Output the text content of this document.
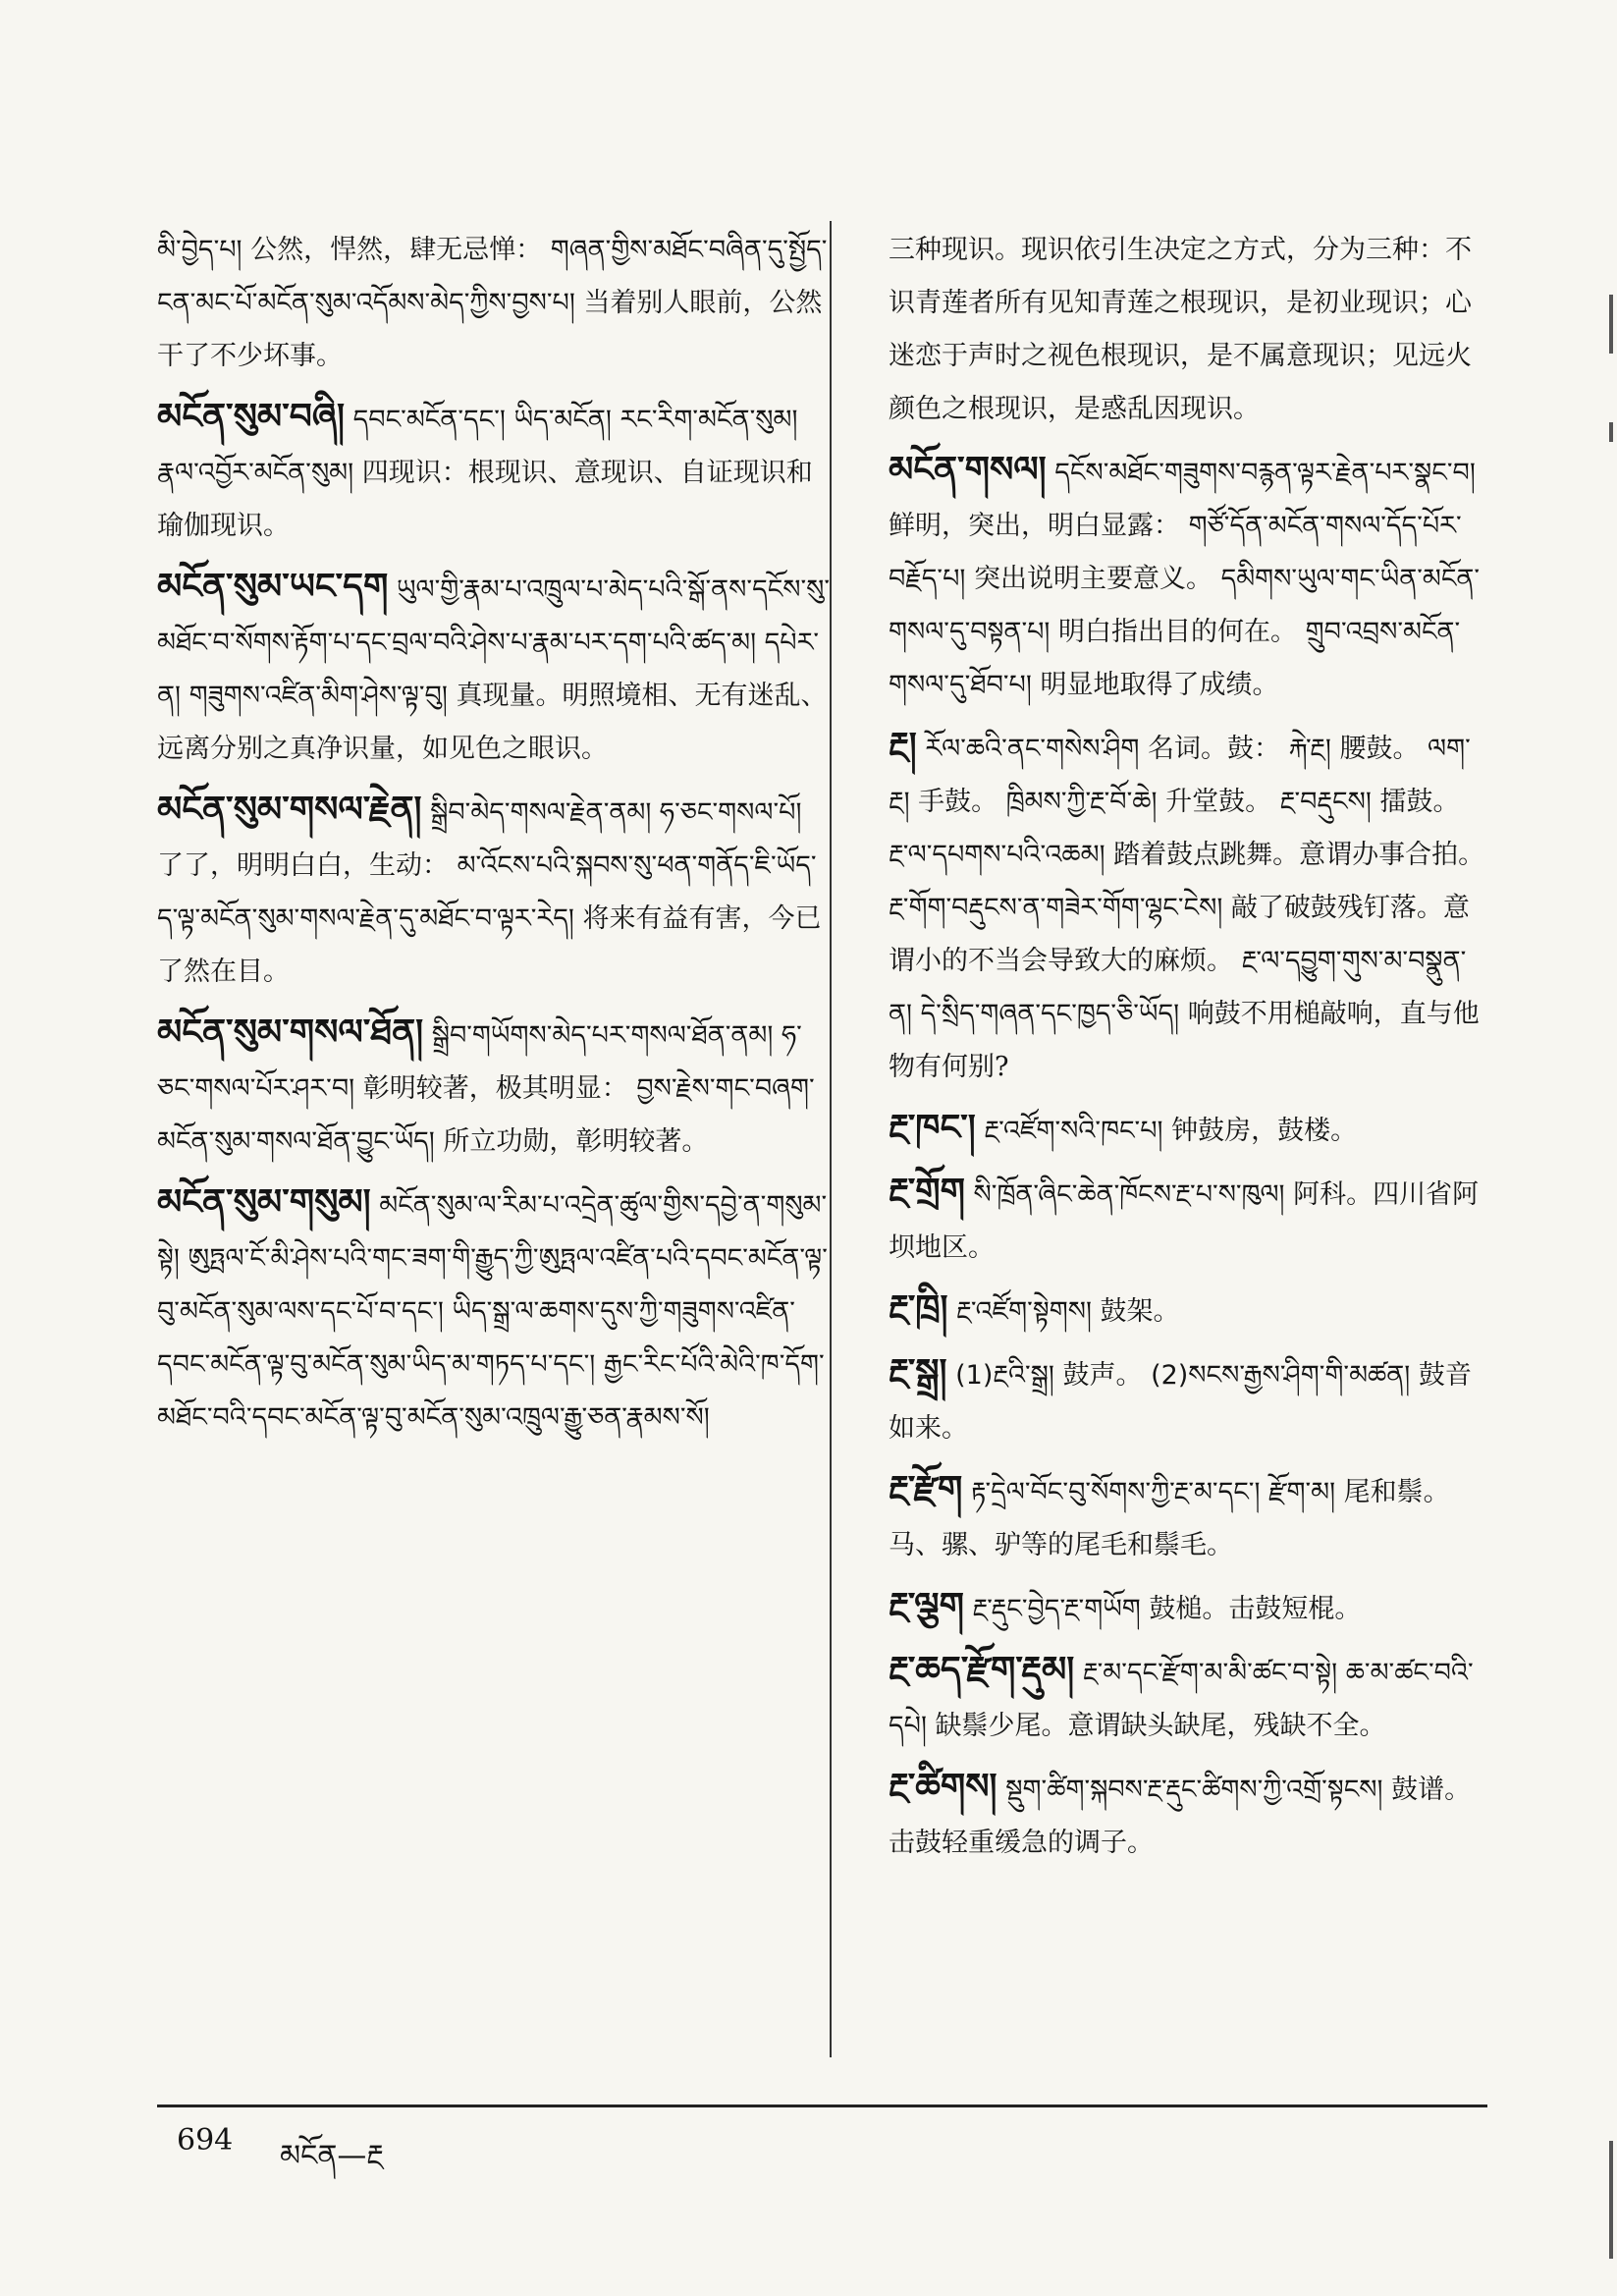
མི་བྱེད་པ། 公然，悍然，肆无忌惮： གཞན་གྱིས་མཐོང་བཞིན་དུ་སྤྱོད་ངན་མང་པོ་མངོན་སུམ་འདོམས་མེད་ཀྱིས་བྱས་པ། 当着别人眼前，公然干了不少坏事。
མངོན་སུམ་བཞི། དབང་མངོན་དང་། ཡིད་མངོན། རང་རིག་མངོན་སུམ། རྣལ་འབྱོར་མངོན་སུམ། 四现识：根现识、意现识、自证现识和瑜伽现识。
མངོན་སུམ་ཡང་དག ཡུལ་གྱི་རྣམ་པ་འཁྲུལ་པ་མེད་པའི་སྒོ་ནས་དངོས་སུ་མཐོང་བ་སོགས་རྟོག་པ་དང་བྲལ་བའི་ཤེས་པ་རྣམ་པར་དག་པའི་ཚད་མ། དཔེར་ན། གཟུགས་འཛིན་མིག་ཤེས་ལྟ་བུ། 真现量。明照境相、无有迷乱、远离分别之真净识量，如见色之眼识。
མངོན་སུམ་གསལ་རྗེན། སྒྲིབ་མེད་གསལ་རྗེན་ནམ། ཧ་ཅང་གསལ་པོ། 了了，明明白白，生动： མ་འོངས་པའི་སྐབས་སུ་ཕན་གནོད་ཇི་ཡོད་ད་ལྟ་མངོན་སུམ་གསལ་རྗེན་དུ་མཐོང་བ་ལྟར་རེད། 将来有益有害，今已了然在目。
མངོན་སུམ་གསལ་ཐོན། སྒྲིབ་གཡོགས་མེད་པར་གསལ་ཐོན་ནམ། ཧ་ཅང་གསལ་པོར་ཤར་བ། 彰明较著，极其明显： བྱས་རྗེས་གང་བཞག་མངོན་སུམ་གསལ་ཐོན་བྱུང་ཡོད། 所立功勋，彰明较著。
མངོན་སུམ་གསུམ། མངོན་སུམ་ལ་རིམ་པ་འདྲེན་ཚུལ་གྱིས་དབྱེ་ན་གསུམ་སྟེ། ཨུཏྤལ་ངོ་མི་ཤེས་པའི་གང་ཟག་གི་རྒྱུད་ཀྱི་ཨུཏྤལ་འཛིན་པའི་དབང་མངོན་ལྟ་བུ་མངོན་སུམ་ལས་དང་པོ་བ་དང་། ཡིད་སྒྲ་ལ་ཆགས་དུས་ཀྱི་གཟུགས་འཛིན་དབང་མངོན་ལྟ་བུ་མངོན་སུམ་ཡིད་མ་གཏད་པ་དང་། རྒྱང་རིང་པོའི་མེའི་ཁ་དོག་མཐོང་བའི་དབང་མངོན་ལྟ་བུ་མངོན་སུམ་འཁྲུལ་རྒྱུ་ཅན་རྣམས་སོ།
三种现识。现识依引生决定之方式，分为三种：不识青莲者所有见知青莲之根现识，是初业现识；心迷恋于声时之视色根现识，是不属意现识；见远火颜色之根现识，是惑乱因现识。
མངོན་གསལ། དངོས་མཐོང་གཟུགས་བརྙན་ལྟར་རྗེན་པར་སྣང་བ། 鲜明，突出，明白显露： གཙོ་དོན་མངོན་གསལ་དོད་པོར་བརྗོད་པ། 突出说明主要意义。 དམིགས་ཡུལ་གང་ཡིན་མངོན་གསལ་དུ་བསྟན་པ། 明白指出目的何在。 གྲུབ་འབྲས་མངོན་གསལ་དུ་ཐོབ་པ། 明显地取得了成绩。
རྔ། རོལ་ཆའི་ནང་གསེས་ཤིག 名词。鼓： རྐེ་རྔ། 腰鼓。 ལག་རྔ། 手鼓。 ཁྲིམས་ཀྱི་རྔ་བོ་ཆེ། 升堂鼓。 རྔ་བརྡུངས། 擂鼓。 རྔ་ལ་དཔགས་པའི་འཆམ། 踏着鼓点跳舞。意谓办事合拍。 རྔ་གོག་བརྡུངས་ན་གཟེར་གོག་ལྷང་ངེས། 敲了破鼓残钉落。意谓小的不当会导致大的麻烦。 རྔ་ལ་དབྱུག་གུས་མ་བསྣུན་ན། དེ་སྲིད་གཞན་དང་ཁྱད་ཅི་ཡོད། 响鼓不用槌敲响，直与他物有何别?
རྔ་ཁང་། རྔ་འཛོག་སའི་ཁང་པ། 钟鼓房，鼓楼。
རྔ་གྲོག སི་ཁྲོན་ཞིང་ཆེན་ཁོངས་རྔ་པ་ས་ཁུལ། 阿科。四川省阿坝地区。
རྔ་ཁྲི། རྔ་འཛོག་སྟེགས། 鼓架。
རྔ་སྒྲ། (1)རྔའི་སྒྲ། 鼓声。 (2)སངས་རྒྱས་ཤིག་གི་མཚན། 鼓音如来。
རྔ་རྫོག རྟ་དྲེལ་བོང་བུ་སོགས་ཀྱི་རྔ་མ་དང་། རྫོག་མ། 尾和鬃。马、骡、驴等的尾毛和鬃毛。
རྔ་ལྕག རྔ་རྡུང་བྱེད་རྔ་གཡོག 鼓槌。击鼓短棍。
རྔ་ཆད་རྫོག་རྡུམ། རྔ་མ་དང་རྫོག་མ་མི་ཚང་བ་སྟེ། ཆ་མ་ཚང་བའི་དཔེ། 缺鬃少尾。意谓缺头缺尾，残缺不全。
རྔ་ཚིགས། སྡུག་ཚིག་སྐབས་རྔ་རྡུང་ཚིགས་ཀྱི་འགྲོ་སྟངས། 鼓谱。击鼓轻重缓急的调子。
694 མངོན—རྔ
